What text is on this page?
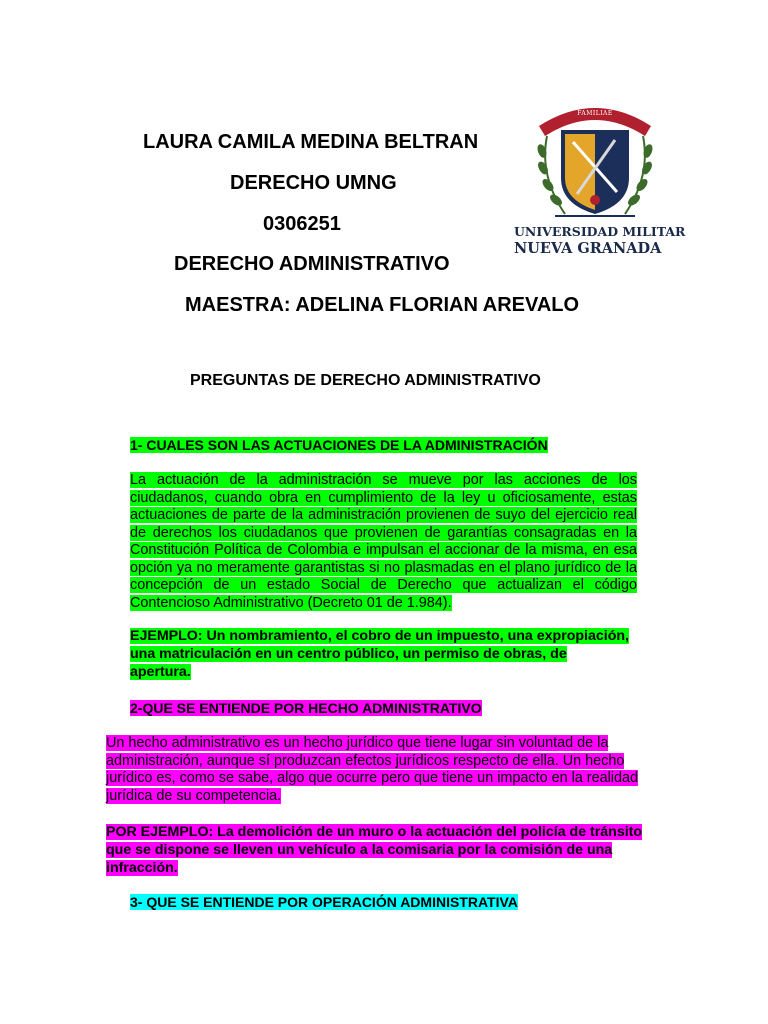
LAURA CAMILA MEDINA BELTRAN
DERECHO UMNG
0306251
DERECHO ADMINISTRATIVO
MAESTRA: ADELINA FLORIAN AREVALO
SCIENTIAE · PATRIAE · FAMILIAE
UNIVERSIDAD MILITAR
NUEVA GRANADA
PREGUNTAS DE DERECHO ADMINISTRATIVO
1- CUALES SON LAS ACTUACIONES DE LA ADMINISTRACIÓN
La actuación de la administración se mueve por las acciones de los ciudadanos, cuando obra en cumplimiento de la ley u oficiosamente, estas actuaciones de parte de la administración provienen de suyo del ejercicio real de derechos los ciudadanos que provienen de garantías consagradas en la Constitución Política de Colombia e impulsan el accionar de la misma, en esa opción ya no meramente garantistas si no plasmadas en el plano jurídico de la concepción de un estado Social de Derecho que actualizan el código Contencioso Administrativo (Decreto 01 de 1.984).
EJEMPLO: Un nombramiento, el cobro de un impuesto, una expropiación, una matriculación en un centro público, un permiso de obras, de apertura.
2-QUE SE ENTIENDE POR HECHO ADMINISTRATIVO
Un hecho administrativo es un hecho jurídico que tiene lugar sin voluntad de la administración, aunque sí produzcan efectos jurídicos respecto de ella. Un hecho jurídico es, como se sabe, algo que ocurre pero que tiene un impacto en la realidad jurídica de su competencia.
POR EJEMPLO: La demolición de un muro o la actuación del policía de tránsito que se dispone se lleven un vehículo a la comisaria por la comisión de una infracción.
3- QUE SE ENTIENDE POR OPERACIÓN ADMINISTRATIVA
